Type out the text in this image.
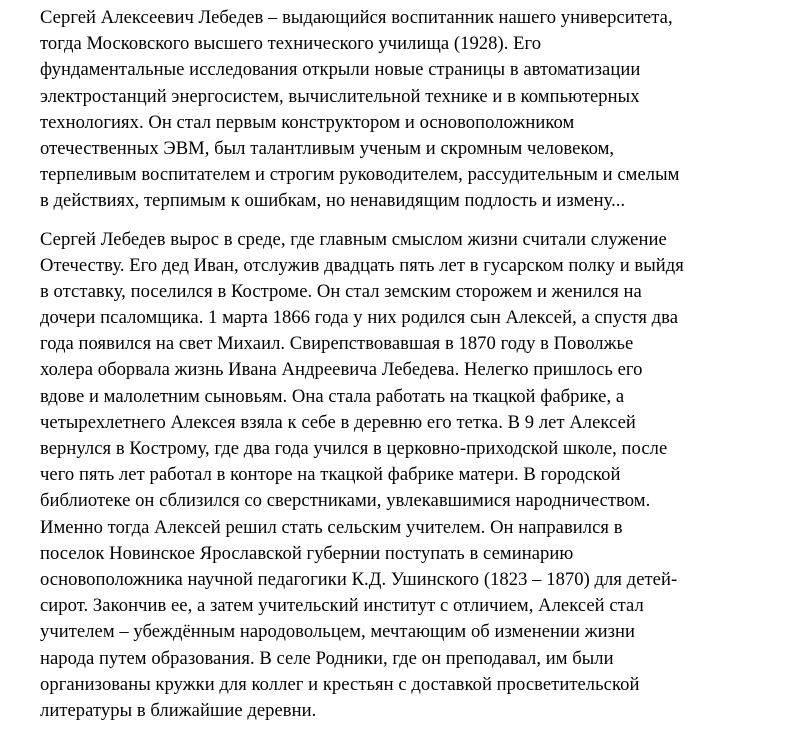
Сергей Алексеевич Лебедев – выдающийся воспитанник нашего университета,
тогда Московского высшего технического училища (1928). Его
фундаментальные исследования открыли новые страницы в автоматизации
электростанций энергосистем, вычислительной технике и в компьютерных
технологиях. Он стал первым конструктором и основоположником
отечественных ЭВМ, был талантливым ученым и скромным человеком,
терпеливым воспитателем и строгим руководителем, рассудительным и смелым
в действиях, терпимым к ошибкам, но ненавидящим подлость и измену...

Сергей Лебедев вырос в среде, где главным смыслом жизни считали служение
Отечеству. Его дед Иван, отслужив двадцать пять лет в гусарском полку и выйдя
в отставку, поселился в Костроме. Он стал земским сторожем и женился на
дочери псаломщика. 1 марта 1866 года у них родился сын Алексей, а спустя два
года появился на свет Михаил. Свирепствовавшая в 1870 году в Поволжье
холера оборвала жизнь Ивана Андреевича Лебедева. Нелегко пришлось его
вдове и малолетним сыновьям. Она стала работать на ткацкой фабрике, а
четырехлетнего Алексея взяла к себе в деревню его тетка. В 9 лет Алексей
вернулся в Кострому, где два года учился в церковно-приходской школе, после
чего пять лет работал в конторе на ткацкой фабрике матери. В городской
библиотеке он сблизился со сверстниками, увлекавшимися народничеством.
Именно тогда Алексей решил стать сельским учителем. Он направился в
поселок Новинское Ярославской губернии поступать в семинарию
основоположника научной педагогики К.Д. Ушинского (1823 – 1870) для детей-
сирот. Закончив ее, а затем учительский институт с отличием, Алексей стал
учителем – убеждённым народовольцем, мечтающим об изменении жизни
народа путем образования. В селе Родники, где он преподавал, им были
организованы кружки для коллег и крестьян с доставкой просветительской
литературы в ближайшие деревни.
